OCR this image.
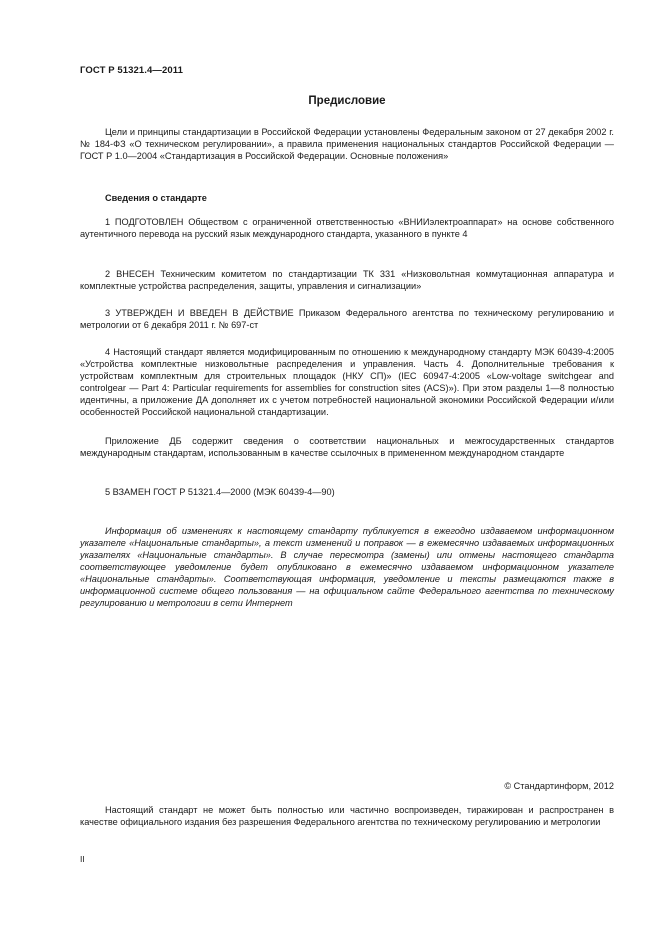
ГОСТ Р 51321.4—2011
Предисловие

Цели и принципы стандартизации в Российской Федерации установлены Федеральным законом от 27 декабря 2002 г. № 184-ФЗ «О техническом регулировании», а правила применения национальных стандартов Российской Федерации — ГОСТ Р 1.0—2004 «Стандартизация в Российской Федерации. Основные положения»

Сведения о стандарте

1 ПОДГОТОВЛЕН Обществом с ограниченной ответственностью «ВНИИэлектроаппарат» на основе собственного аутентичного перевода на русский язык международного стандарта, указанного в пункте 4

2 ВНЕСЕН Техническим комитетом по стандартизации ТК 331 «Низковольтная коммутационная аппаратура и комплектные устройства распределения, защиты, управления и сигнализации»

3 УТВЕРЖДЕН И ВВЕДЕН В ДЕЙСТВИЕ Приказом Федерального агентства по техническому регулированию и метрологии от 6 декабря 2011 г. № 697-ст

4 Настоящий стандарт является модифицированным по отношению к международному стандарту МЭК 60439-4:2005 «Устройства комплектные низковольтные распределения и управления. Часть 4. Дополнительные требования к устройствам комплектным для строительных площадок (НКУ СП)» (IEC 60947-4:2005 «Low-voltage switchgear and controlgear — Part 4: Particular requirements for assemblies for construction sites (ACS)»). При этом разделы 1—8 полностью идентичны, а приложение ДА дополняет их с учетом потребностей национальной экономики Российской Федерации и/или особенностей Российской национальной стандартизации.

Приложение ДБ содержит сведения о соответствии национальных и межгосударственных стандартов международным стандартам, использованным в качестве ссылочных в примененном международном стандарте

5 ВЗАМЕН ГОСТ Р 51321.4—2000 (МЭК 60439-4—90)

Информация об изменениях к настоящему стандарту публикуется в ежегодно издаваемом информационном указателе «Национальные стандарты», а текст изменений и поправок — в ежемесячно издаваемых информационных указателях «Национальные стандарты». В случае пересмотра (замены) или отмены настоящего стандарта соответствующее уведомление будет опубликовано в ежемесячно издаваемом информационном указателе «Национальные стандарты». Соответствующая информация, уведомление и тексты размещаются также в информационной системе общего пользования — на официальном сайте Федерального агентства по техническому регулированию и метрологии в сети Интернет

© Стандартинформ, 2012

Настоящий стандарт не может быть полностью или частично воспроизведен, тиражирован и распространен в качестве официального издания без разрешения Федерального агентства по техническому регулированию и метрологии

II
